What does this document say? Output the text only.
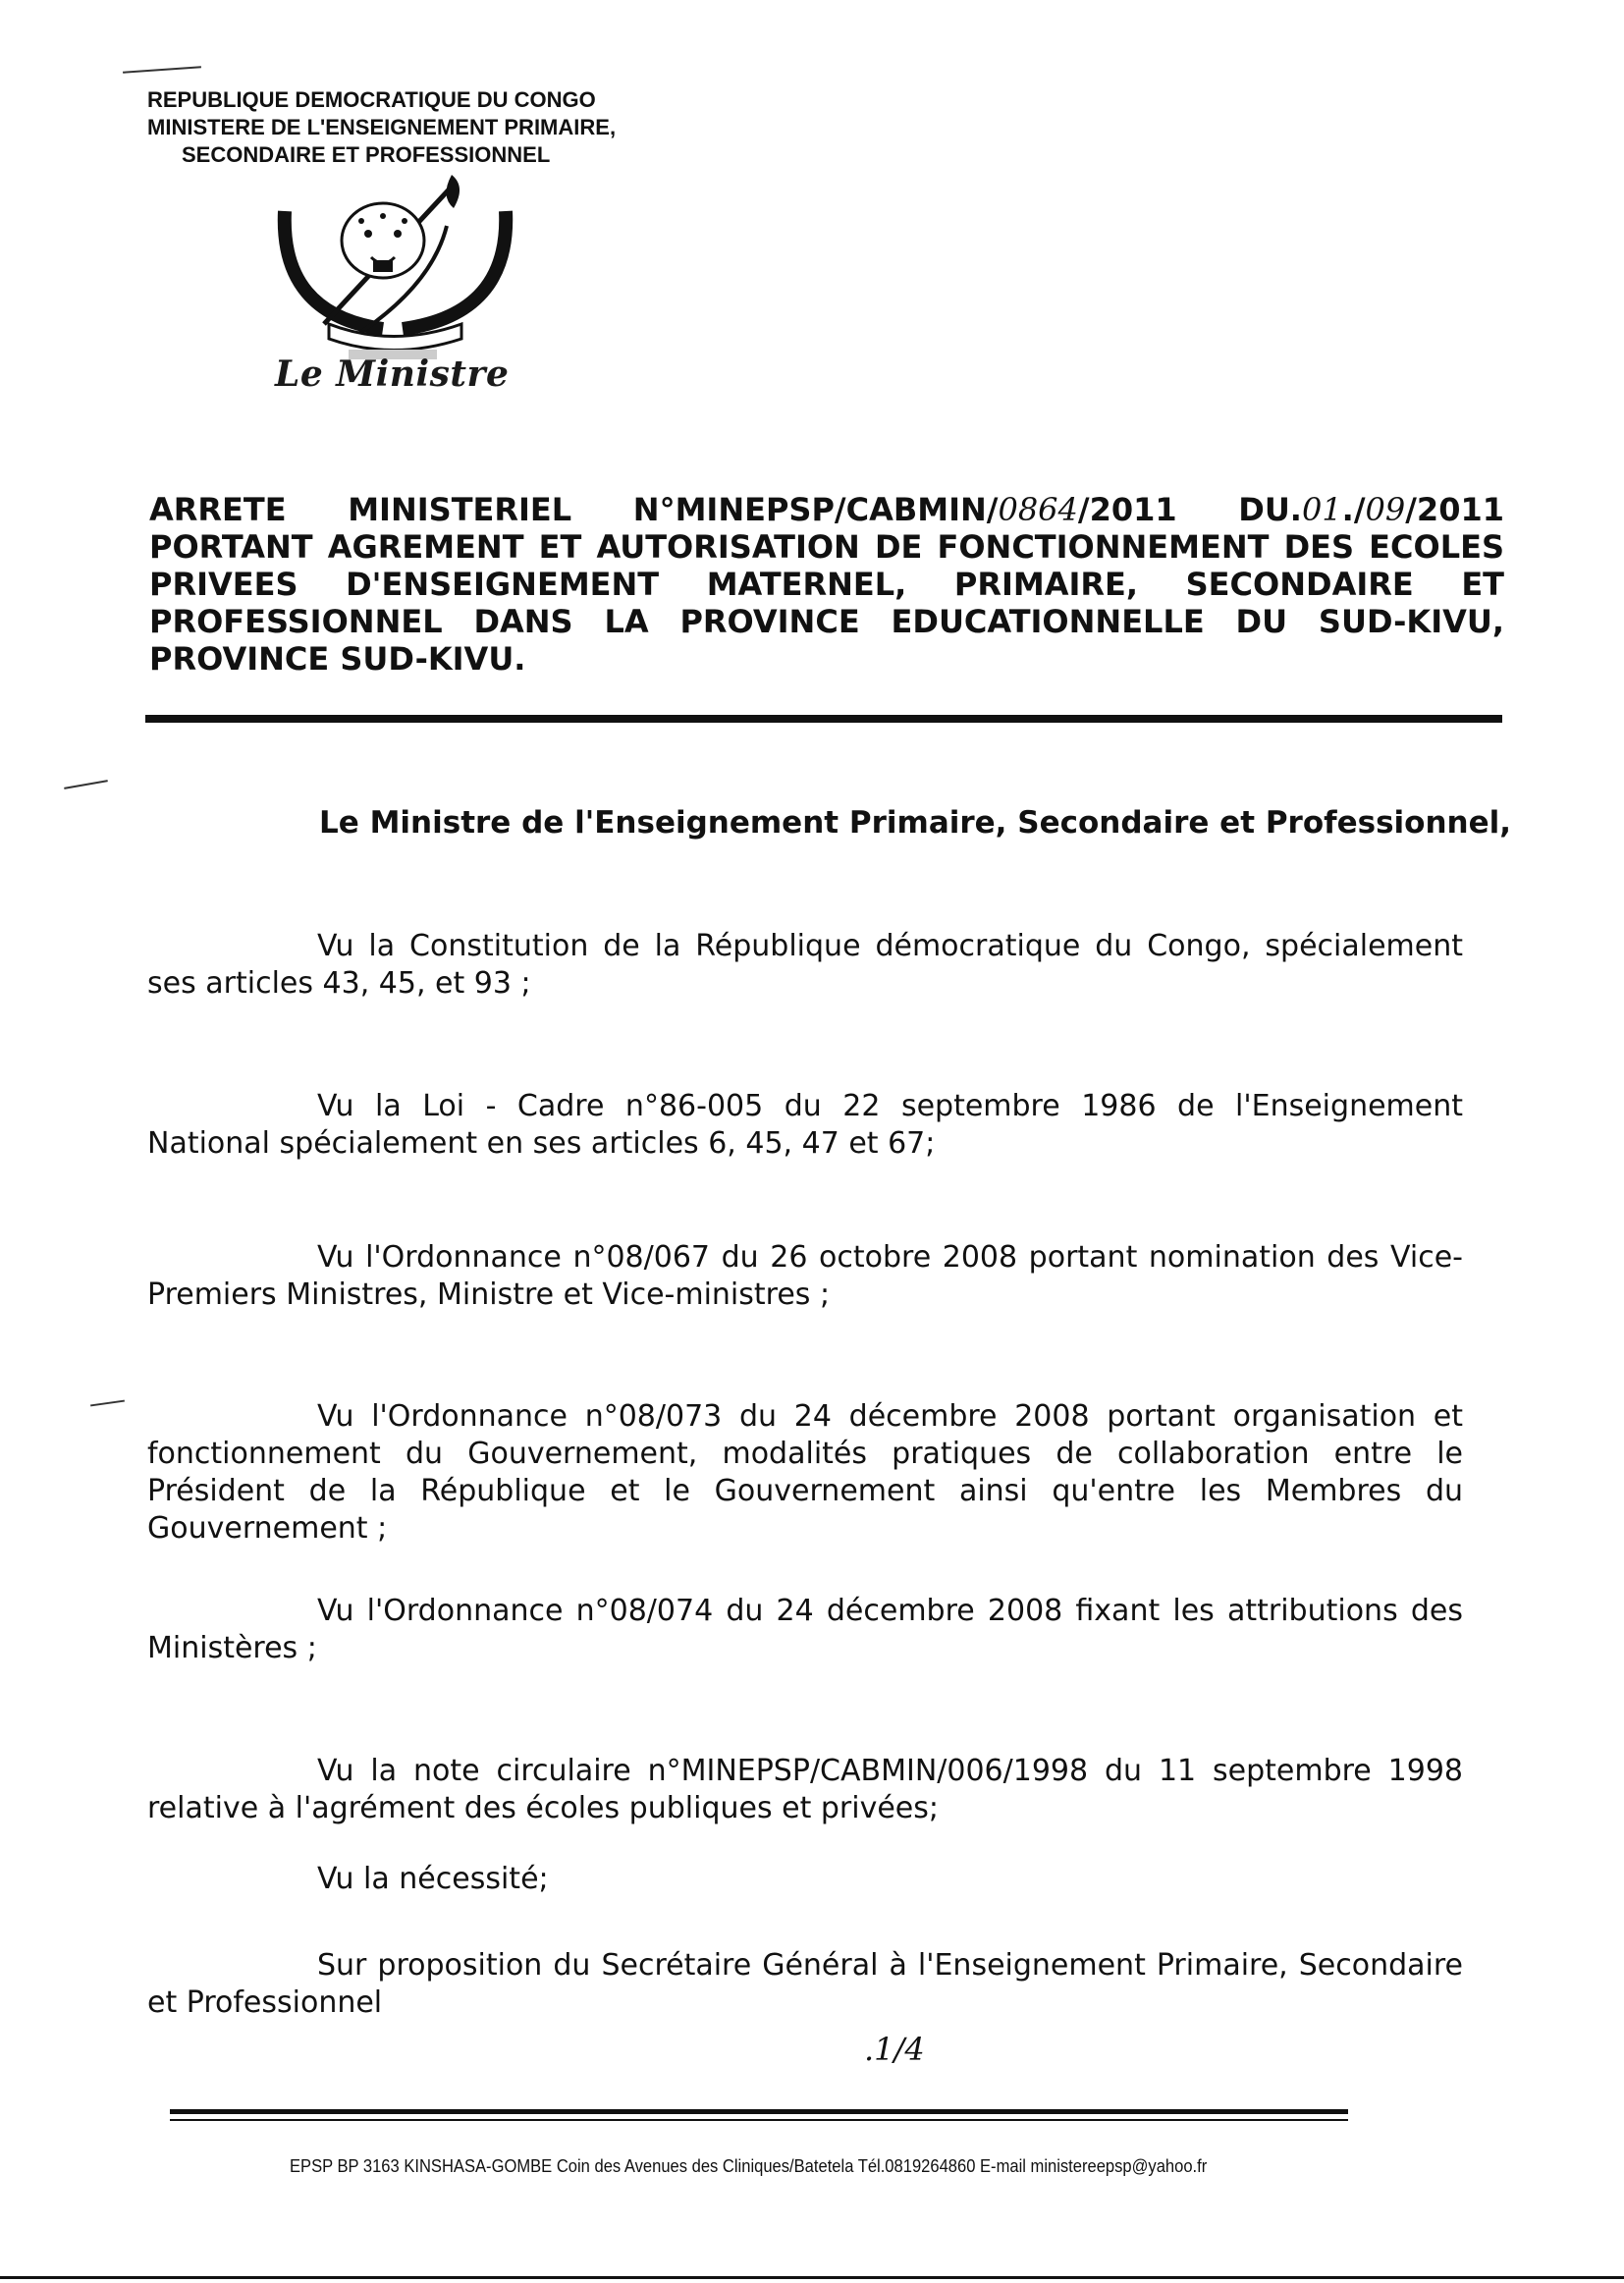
REPUBLIQUE DEMOCRATIQUE DU CONGO
MINISTERE DE L'ENSEIGNEMENT PRIMAIRE,
SECONDAIRE ET PROFESSIONNEL
Le Ministre
ARRETE MINISTERIEL N°MINEPSP/CABMIN/0864/2011 DU.01./09/2011
PORTANT AGREMENT ET AUTORISATION DE FONCTIONNEMENT DES ECOLES
PRIVEES D'ENSEIGNEMENT MATERNEL, PRIMAIRE, SECONDAIRE ET
PROFESSIONNEL DANS LA PROVINCE EDUCATIONNELLE DU SUD-KIVU,
PROVINCE SUD-KIVU.
Le Ministre de l'Enseignement Primaire, Secondaire et Professionnel,
Vu la Constitution de la République démocratique du Congo, spécialement ses articles 43, 45, et 93 ;
Vu la Loi - Cadre n°86-005 du 22 septembre 1986 de l'Enseignement National spécialement en ses articles 6, 45, 47 et 67;
Vu l'Ordonnance n°08/067 du 26 octobre 2008 portant nomination des Vice-Premiers Ministres, Ministre et Vice-ministres ;
Vu l'Ordonnance n°08/073 du 24 décembre 2008 portant organisation et fonctionnement du Gouvernement, modalités pratiques de collaboration entre le Président de la République et le Gouvernement ainsi qu'entre les Membres du Gouvernement ;
Vu l'Ordonnance n°08/074 du 24 décembre 2008 fixant les attributions des Ministères ;
Vu la note circulaire n°MINEPSP/CABMIN/006/1998 du 11 septembre 1998 relative à l'agrément des écoles publiques et privées;
Vu la nécessité;
Sur proposition du Secrétaire Général à l'Enseignement Primaire, Secondaire et Professionnel
.1/4
EPSP BP 3163 KINSHASA-GOMBE Coin des Avenues des Cliniques/Batetela Tél.0819264860 E-mail ministereepsp@yahoo.fr
